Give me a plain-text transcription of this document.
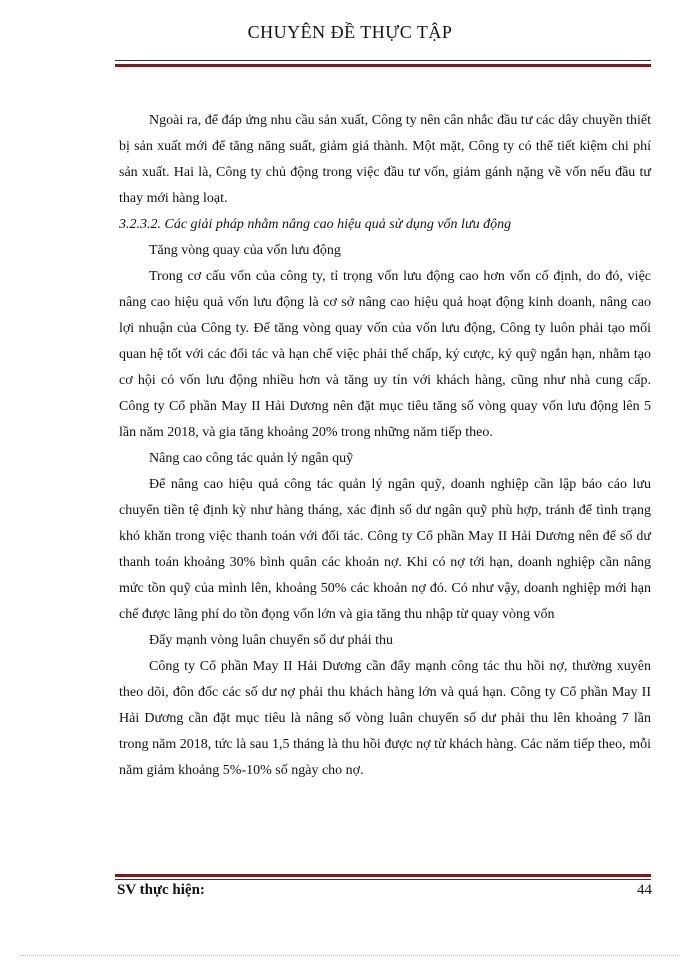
CHUYÊN ĐỀ THỰC TẬP

Ngoài ra, để đáp ứng nhu cầu sản xuất, Công ty nên cân nhắc đầu tư các dây chuyền thiết bị sản xuất mới để tăng năng suất, giảm giá thành. Một mặt, Công ty có thể tiết kiệm chi phí sản xuất. Hai là, Công ty chủ động trong việc đầu tư vốn, giảm gánh nặng về vốn nếu đầu tư thay mới hàng loạt.

3.2.3.2. Các giải pháp nhằm nâng cao hiệu quả sử dụng vốn lưu động

Tăng vòng quay của vốn lưu động

Trong cơ cấu vốn của công ty, tỉ trọng vốn lưu động cao hơn vốn cố định, do đó, việc nâng cao hiệu quả vốn lưu động là cơ sở nâng cao hiệu quả hoạt động kinh doanh, nâng cao lợi nhuận của Công ty. Để tăng vòng quay vốn của vốn lưu động, Công ty luôn phải tạo mối quan hệ tốt với các đối tác và hạn chế việc phải thế chấp, ký cược, ký quỹ ngắn hạn, nhằm tạo cơ hội có vốn lưu động nhiều hơn và tăng uy tín với khách hàng, cũng như nhà cung cấp. Công ty Cổ phần May II Hải Dương nên đặt mục tiêu tăng số vòng quay vốn lưu động lên 5 lần năm 2018, và gia tăng khoảng 20% trong những năm tiếp theo.

Nâng cao công tác quản lý ngân quỹ

Để nâng cao hiệu quả công tác quản lý ngân quỹ, doanh nghiệp cần lập báo cáo lưu chuyển tiền tệ định kỳ như hàng tháng, xác định số dư ngân quỹ phù hợp, tránh để tình trạng khó khăn trong việc thanh toán với đối tác. Công ty Cổ phần May II Hải Dương nên để số dư thanh toán khoảng 30% bình quân các khoản nợ. Khi có nợ tới hạn, doanh nghiệp cần nâng mức tồn quỹ của mình lên, khoảng 50% các khoản nợ đó. Có như vậy, doanh nghiệp mới hạn chế được lãng phí do tồn đọng vốn lớn và gia tăng thu nhập từ quay vòng vốn

Đẩy mạnh vòng luân chuyển số dư phải thu

Công ty Cổ phần May II Hải Dương cần đẩy mạnh công tác thu hồi nợ, thường xuyên theo dõi, đôn đốc các số dư nợ phải thu khách hàng lớn và quá hạn. Công ty Cổ phần May II Hải Dương cần đặt mục tiêu là nâng số vòng luân chuyển số dư phải thu lên khoảng 7 lần trong năm 2018, tức là sau 1,5 tháng là thu hồi được nợ từ khách hàng. Các năm tiếp theo, mỗi năm giảm khoảng 5%-10% số ngày cho nợ.

SV thực hiện:	44
